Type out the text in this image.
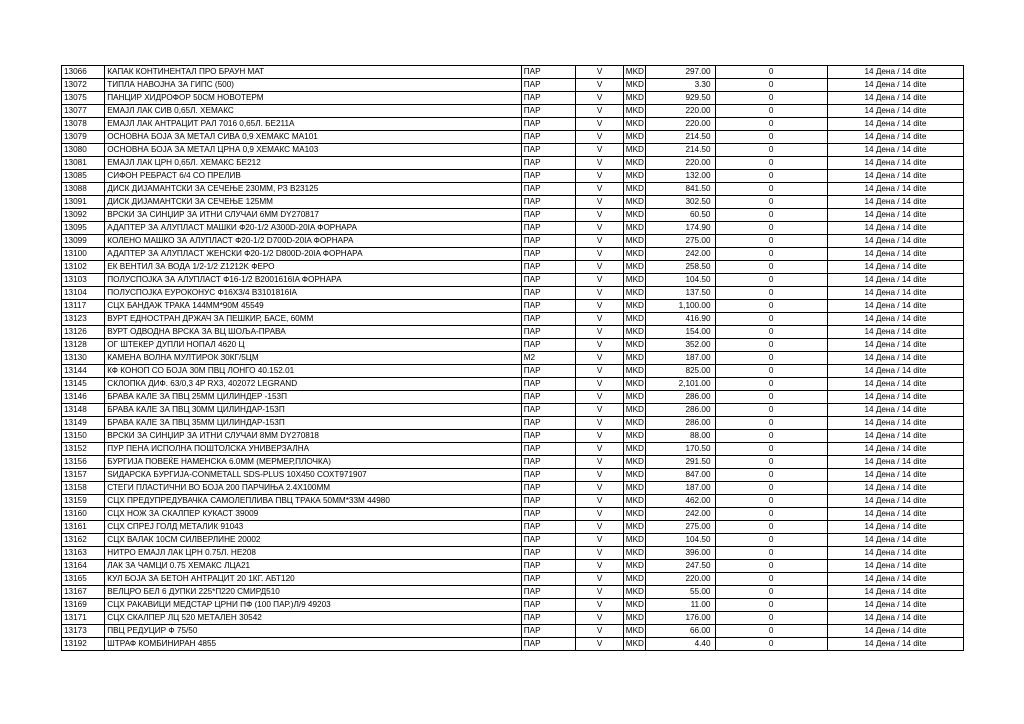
13066	КАПАК КОНТИНЕНТАЛ ПРО БРАУН МАТ	ПАР	V	MKD	297.00	0	14 Дена / 14 dite
13072	ТИПЛА НАВОЈНА ЗА ГИПС (500)	ПАР	V	MKD	3.30	0	14 Дена / 14 dite
13075	ПАНЦИР ХИДРОФОР 50СМ НОВОТЕРМ	ПАР	V	MKD	929.50	0	14 Дена / 14 dite
13077	ЕМАЈЛ ЛАК СИВ 0,65Л. ХЕМАКС	ПАР	V	MKD	220.00	0	14 Дена / 14 dite
13078	ЕМАЈЛ ЛАК АНТРАЦИТ РАЛ 7016 0,65Л. БЕ211А	ПАР	V	MKD	220.00	0	14 Дена / 14 dite
13079	ОСНОВНА БОЈА ЗА МЕТАЛ СИВА 0,9 ХЕМАКС МА101	ПАР	V	MKD	214.50	0	14 Дена / 14 dite
13080	ОСНОВНА БОЈА ЗА МЕТАЛ ЦРНА 0,9 ХЕМАКС МА103	ПАР	V	MKD	214.50	0	14 Дена / 14 dite
13081	ЕМАЈЛ ЛАК ЦРН 0,65Л. ХЕМАКС БЕ212	ПАР	V	MKD	220.00	0	14 Дена / 14 dite
13085	СИФОН РЕБРАСТ 6/4 СО ПРЕЛИВ	ПАР	V	MKD	132.00	0	14 Дена / 14 dite
13088	ДИСК ДИЈАМАНТСКИ ЗА СЕЧЕЊЕ 230ММ, РЗ В23125	ПАР	V	MKD	841.50	0	14 Дена / 14 dite
13091	ДИСК ДИЈАМАНТСКИ ЗА СЕЧЕЊЕ 125ММ	ПАР	V	MKD	302.50	0	14 Дена / 14 dite
13092	ВРСКИ ЗА СИНЏИР ЗА ИТНИ СЛУЧАИ 6ММ DY270817	ПАР	V	MKD	60.50	0	14 Дена / 14 dite
13095	АДАПТЕР ЗА АЛУПЛАСТ МАШКИ Ф20-1/2 А300D-20IA ФОРНАРА	ПАР	V	MKD	174.90	0	14 Дена / 14 dite
13099	КОЛЕНО МАШКО ЗА АЛУПЛАСТ Ф20-1/2 D700D-20IA ФОРНАРА	ПАР	V	MKD	275.00	0	14 Дена / 14 dite
13100	АДАПТЕР ЗА АЛУПЛАСТ ЖЕНСКИ Ф20-1/2 D800D-20IA ФОРНАРА	ПАР	V	MKD	242.00	0	14 Дена / 14 dite
13102	ЕК ВЕНТИЛ ЗА ВОДА 1/2-1/2 Z1212K ФЕРО	ПАР	V	MKD	258.50	0	14 Дена / 14 dite
13103	ПОЛУСПОЈКА ЗА АЛУПЛАСТ Ф16-1/2 В2001616IA ФОРНАРА	ПАР	V	MKD	104.50	0	14 Дена / 14 dite
13104	ПОЛУСПОЈКА ЕУРОКОНУС Ф16Х3/4 В3101816IA	ПАР	V	MKD	137.50	0	14 Дена / 14 dite
13117	СЦХ БАНДАЖ ТРАКА 144ММ*90М 45549	ПАР	V	MKD	1,100.00	0	14 Дена / 14 dite
13123	ВУРТ ЕДНОСТРАН ДРЖАЧ ЗА ПЕШКИР, БАСЕ, 60ММ	ПАР	V	MKD	416.90	0	14 Дена / 14 dite
13126	ВУРТ ОДВОДНА ВРСКА ЗА ВЦ ШОЉА-ПРАВА	ПАР	V	MKD	154.00	0	14 Дена / 14 dite
13128	ОГ ШТЕКЕР ДУПЛИ НОПАЛ 4620 Ц	ПАР	V	MKD	352.00	0	14 Дена / 14 dite
13130	КАМЕНА ВОЛНА МУЛТИРОК 30КГ/5ЦМ	М2	V	MKD	187.00	0	14 Дена / 14 dite
13144	КФ КОНОП СО БОЈА 30М ПВЦ ЛОНГО 40.152.01	ПАР	V	MKD	825.00	0	14 Дена / 14 dite
13145	СКЛОПКА ДИФ. 63/0,3 4P RX3, 402072 LEGRAND	ПАР	V	MKD	2,101.00	0	14 Дена / 14 dite
13146	БРАВА КАЛЕ ЗА ПВЦ 25ММ ЦИЛИНДЕР -153П	ПАР	V	MKD	286.00	0	14 Дена / 14 dite
13148	БРАВА КАЛЕ ЗА ПВЦ 30ММ ЦИЛИНДАР-153П	ПАР	V	MKD	286.00	0	14 Дена / 14 dite
13149	БРАВА КАЛЕ ЗА ПВЦ 35ММ ЦИЛИНДАР-153П	ПАР	V	MKD	286.00	0	14 Дена / 14 dite
13150	ВРСКИ ЗА СИНЏИР ЗА ИТНИ СЛУЧАИ 8ММ DY270818	ПАР	V	MKD	88.00	0	14 Дена / 14 dite
13152	ПУР ПЕНА ИСПОЛНА ПОШТОЛСКА УНИВЕРЗАЛНА	ПАР	V	MKD	170.50	0	14 Дена / 14 dite
13156	БУРГИЈА ПОВЕЌЕ НАМЕНСКА 6.0ММ (МЕРМЕР,ПЛОЧКА)	ПАР	V	MKD	291.50	0	14 Дена / 14 dite
13157	ЅИДАРСКА БУРГИЈА-CONMETALL SDS-PLUS 10X450 CОХТ971907	ПАР	V	MKD	847.00	0	14 Дена / 14 dite
13158	СТЕГИ ПЛАСТИЧНИ ВО БОЈА 200 ПАРЧИЊА 2.4Х100ММ	ПАР	V	MKD	187.00	0	14 Дена / 14 dite
13159	СЦХ ПРЕДУПРЕДУВАЧКА САМОЛЕПЛИВА ПВЦ ТРАКА 50ММ*33М 44980	ПАР	V	MKD	462.00	0	14 Дена / 14 dite
13160	СЦХ НОЖ ЗА СКАЛПЕР КУКАСТ 39009	ПАР	V	MKD	242.00	0	14 Дена / 14 dite
13161	СЦХ СПРЕЈ ГОЛД МЕТАЛИК 91043	ПАР	V	MKD	275.00	0	14 Дена / 14 dite
13162	СЦХ ВАЛАК 10СМ СИЛВЕРЛИНЕ 20002	ПАР	V	MKD	104.50	0	14 Дена / 14 dite
13163	НИТРО ЕМАЈЛ ЛАК ЦРН 0.75Л. НЕ208	ПАР	V	MKD	396.00	0	14 Дена / 14 dite
13164	ЛАК ЗА ЧАМЦИ 0.75 ХЕМАКС ЛЦА21	ПАР	V	MKD	247.50	0	14 Дена / 14 dite
13165	КУЛ БОЈА ЗА БЕТОН АНТРАЦИТ 20 1КГ. АБТ120	ПАР	V	MKD	220.00	0	14 Дена / 14 dite
13167	ВЕЛЦРО БЕЛ 6 ДУПКИ 225*П220 СМИРД510	ПАР	V	MKD	55.00	0	14 Дена / 14 dite
13169	СЦХ РАКАВИЦИ МЕДСТАР ЦРНИ ПФ (100 ПАР.)Л/9 49203	ПАР	V	MKD	11.00	0	14 Дена / 14 dite
13171	СЦХ СКАЛПЕР ЛЦ 520 МЕТАЛЕН 30542	ПАР	V	MKD	176.00	0	14 Дена / 14 dite
13173	ПВЦ РЕДУЦИР Ф 75/50	ПАР	V	MKD	66.00	0	14 Дена / 14 dite
13192	ШТРАФ КОМБИНИРАН 4855	ПАР	V	MKD	4.40	0	14 Дена / 14 dite
